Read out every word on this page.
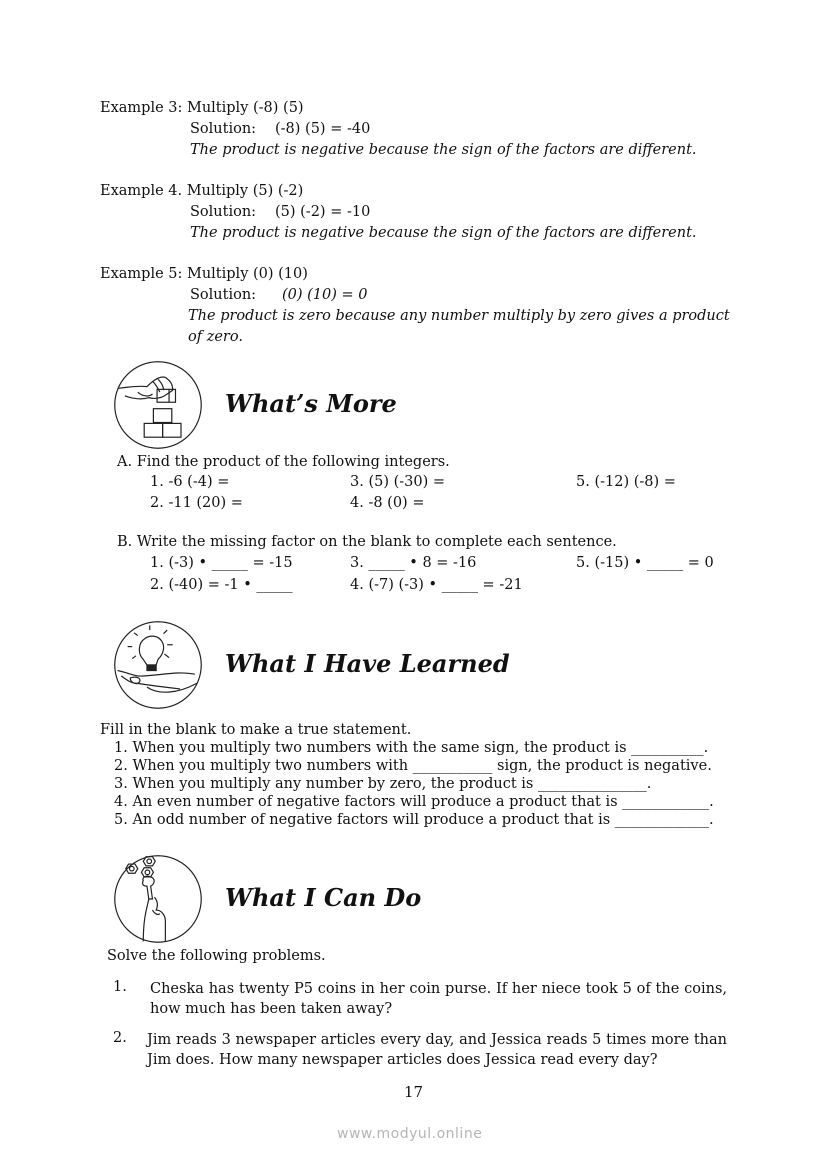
Example 3: Multiply (-8) (5)
Solution: (-8) (5) = -40
The product is negative because the sign of the factors are different.
Example 4. Multiply (5) (-2)
Solution: (5) (-2) = -10
The product is negative because the sign of the factors are different.
Example 5: Multiply (0) (10)
Solution: (0) (10) = 0
The product is zero because any number multiply by zero gives a product
of zero.
What’s More
A. Find the product of the following integers.
1. -6 (-4) =
2. -11 (20) =
3. (5) (-30) =
4. -8 (0) =
5. (-12) (-8) =
B. Write the missing factor on the blank to complete each sentence.
1. (-3) • _____ = -15
2. (-40) = -1 • _____
3. _____ • 8 = -16
4. (-7) (-3) • _____ = -21
5. (-15) • _____ = 0
What I Have Learned
Fill in the blank to make a true statement.
1. When you multiply two numbers with the same sign, the product is __________.
2. When you multiply two numbers with ___________ sign, the product is negative.
3. When you multiply any number by zero, the product is _______________.
4. An even number of negative factors will produce a product that is ____________.
5. An odd number of negative factors will produce a product that is _____________.
What I Can Do
Solve the following problems.
1. Cheska has twenty P5 coins in her coin purse. If her niece took 5 of the coins, how much has been taken away?
2. Jim reads 3 newspaper articles every day, and Jessica reads 5 times more than Jim does. How many newspaper articles does Jessica read every day?
17
www.modyul.online
